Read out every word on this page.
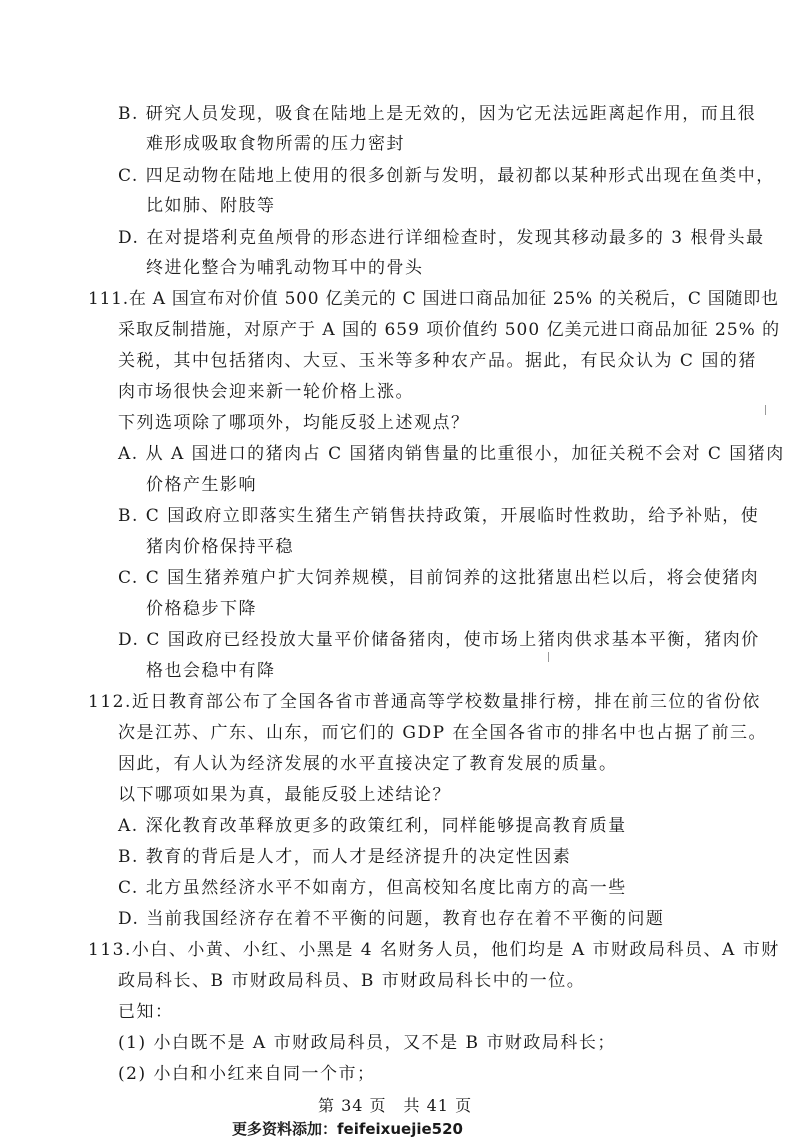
B. 研究人员发现，吸食在陆地上是无效的，因为它无法远距离起作用，而且很
难形成吸取食物所需的压力密封
C. 四足动物在陆地上使用的很多创新与发明，最初都以某种形式出现在鱼类中，
比如肺、附肢等
D. 在对提塔利克鱼颅骨的形态进行详细检查时，发现其移动最多的 3 根骨头最
终进化整合为哺乳动物耳中的骨头
111.在 A 国宣布对价值 500 亿美元的 C 国进口商品加征 25% 的关税后，C 国随即也
采取反制措施，对原产于 A 国的 659 项价值约 500 亿美元进口商品加征 25% 的
关税，其中包括猪肉、大豆、玉米等多种农产品。据此，有民众认为 C 国的猪
肉市场很快会迎来新一轮价格上涨。
下列选项除了哪项外，均能反驳上述观点？
A. 从 A 国进口的猪肉占 C 国猪肉销售量的比重很小，加征关税不会对 C 国猪肉
价格产生影响
B. C 国政府立即落实生猪生产销售扶持政策，开展临时性救助，给予补贴，使
猪肉价格保持平稳
C. C 国生猪养殖户扩大饲养规模，目前饲养的这批猪崽出栏以后，将会使猪肉
价格稳步下降
D. C 国政府已经投放大量平价储备猪肉，使市场上猪肉供求基本平衡，猪肉价
格也会稳中有降
112.近日教育部公布了全国各省市普通高等学校数量排行榜，排在前三位的省份依
次是江苏、广东、山东，而它们的 GDP 在全国各省市的排名中也占据了前三。
因此，有人认为经济发展的水平直接决定了教育发展的质量。
以下哪项如果为真，最能反驳上述结论？
A. 深化教育改革释放更多的政策红利，同样能够提高教育质量
B. 教育的背后是人才，而人才是经济提升的决定性因素
C. 北方虽然经济水平不如南方，但高校知名度比南方的高一些
D. 当前我国经济存在着不平衡的问题，教育也存在着不平衡的问题
113.小白、小黄、小红、小黑是 4 名财务人员，他们均是 A 市财政局科员、A 市财
政局科长、B 市财政局科员、B 市财政局科长中的一位。
已知：
(1) 小白既不是 A 市财政局科员，又不是 B 市财政局科长；
(2) 小白和小红来自同一个市；
第 34 页　共 41 页
更多资料添加：feifeixuejie520
